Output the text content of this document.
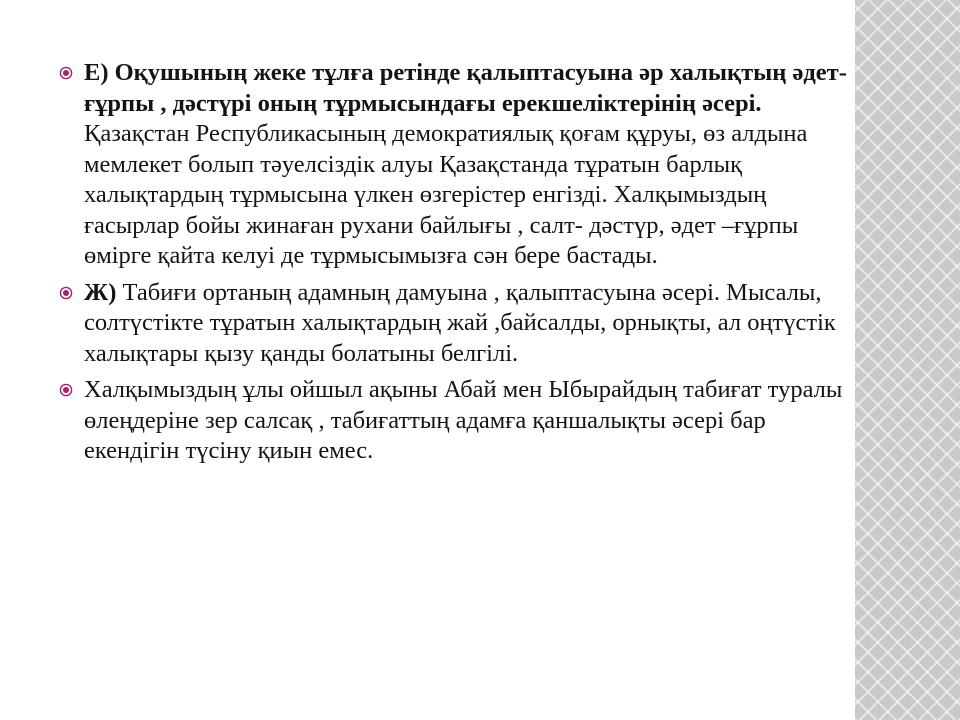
Е) Оқушының жеке тұлға ретінде қалыптасуына әр халықтың әдет-ғұрпы , дәстүрі оның тұрмысындағы ерекшеліктерінің әсері. Қазақстан Республикасының демократиялық қоғам құруы, өз алдына мемлекет болып тәуелсіздік алуы Қазақстанда тұратын барлық халықтардың тұрмысына үлкен өзгерістер енгізді. Халқымыздың ғасырлар бойы жинаған рухани байлығы , салт- дәстүр, әдет –ғұрпы өмірге қайта келуі де тұрмысымызға сән бере бастады.
Ж) Табиғи ортаның адамның дамуына , қалыптасуына әсері. Мысалы, солтүстікте тұратын халықтардың жай ,байсалды, орнықты, ал оңтүстік халықтары қызу қанды болатыны белгілі.
Халқымыздың ұлы ойшыл ақыны Абай мен Ыбырайдың табиғат туралы өлеңдеріне зер салсақ , табиғаттың адамға қаншалықты әсері бар екендігін түсіну қиын емес.
